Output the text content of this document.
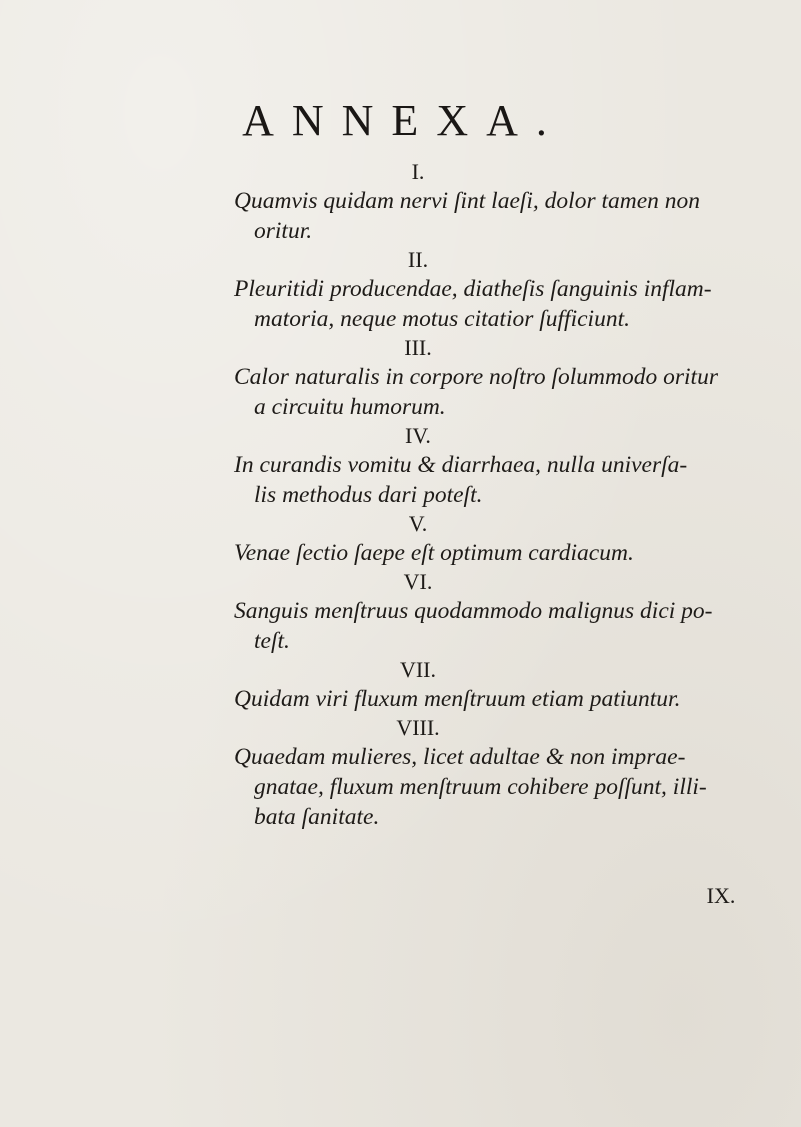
ANNEXA.
I.
Quamvis quidam nervi ſint laeſi, dolor tamen non
oritur.
II.
Pleuritidi producendae, diatheſis ſanguinis inflam-
matoria, neque motus citatior ſufficiunt.
III.
Calor naturalis in corpore noſtro ſolummodo oritur
a circuitu humorum.
IV.
In curandis vomitu & diarrhaea, nulla univerſa-
lis methodus dari poteſt.
V.
Venae ſectio ſaepe eſt optimum cardiacum.
VI.
Sanguis menſtruus quodammodo malignus dici po-
teſt.
VII.
Quidam viri fluxum menſtruum etiam patiuntur.
VIII.
Quaedam mulieres, licet adultae & non imprae-
gnatae, fluxum menſtruum cohibere poſſunt, illi-
bata ſanitate.
IX.
